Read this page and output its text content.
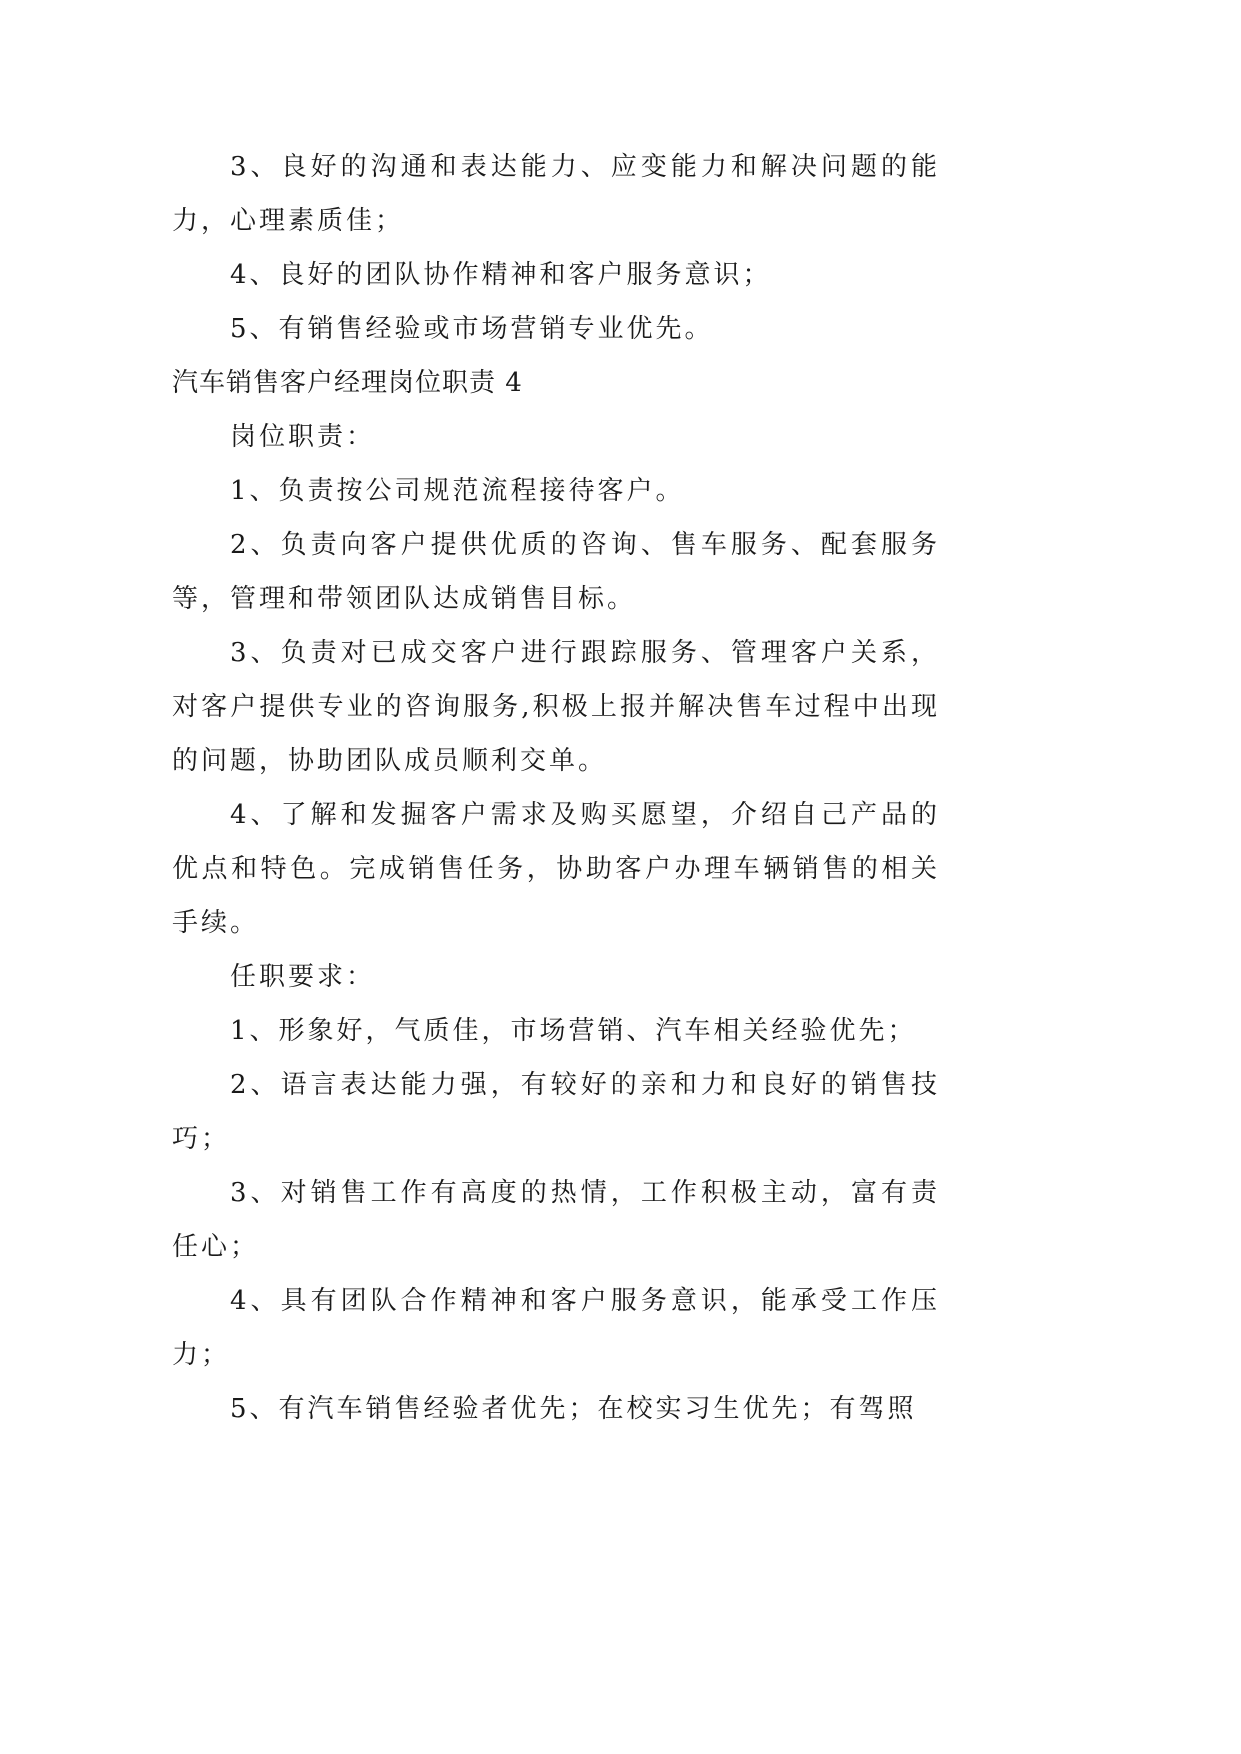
3、良好的沟通和表达能力、应变能力和解决问题的能力，心理素质佳；

4、良好的团队协作精神和客户服务意识；

5、有销售经验或市场营销专业优先。

汽车销售客户经理岗位职责 4

岗位职责：

1、负责按公司规范流程接待客户。

2、负责向客户提供优质的咨询、售车服务、配套服务等，管理和带领团队达成销售目标。

3、负责对已成交客户进行跟踪服务、管理客户关系，对客户提供专业的咨询服务,积极上报并解决售车过程中出现的问题，协助团队成员顺利交单。

4、了解和发掘客户需求及购买愿望，介绍自己产品的优点和特色。完成销售任务，协助客户办理车辆销售的相关手续。

任职要求：

1、形象好，气质佳，市场营销、汽车相关经验优先；

2、语言表达能力强，有较好的亲和力和良好的销售技巧；

3、对销售工作有高度的热情，工作积极主动，富有责任心；

4、具有团队合作精神和客户服务意识，能承受工作压力；

5、有汽车销售经验者优先；在校实习生优先；有驾照
